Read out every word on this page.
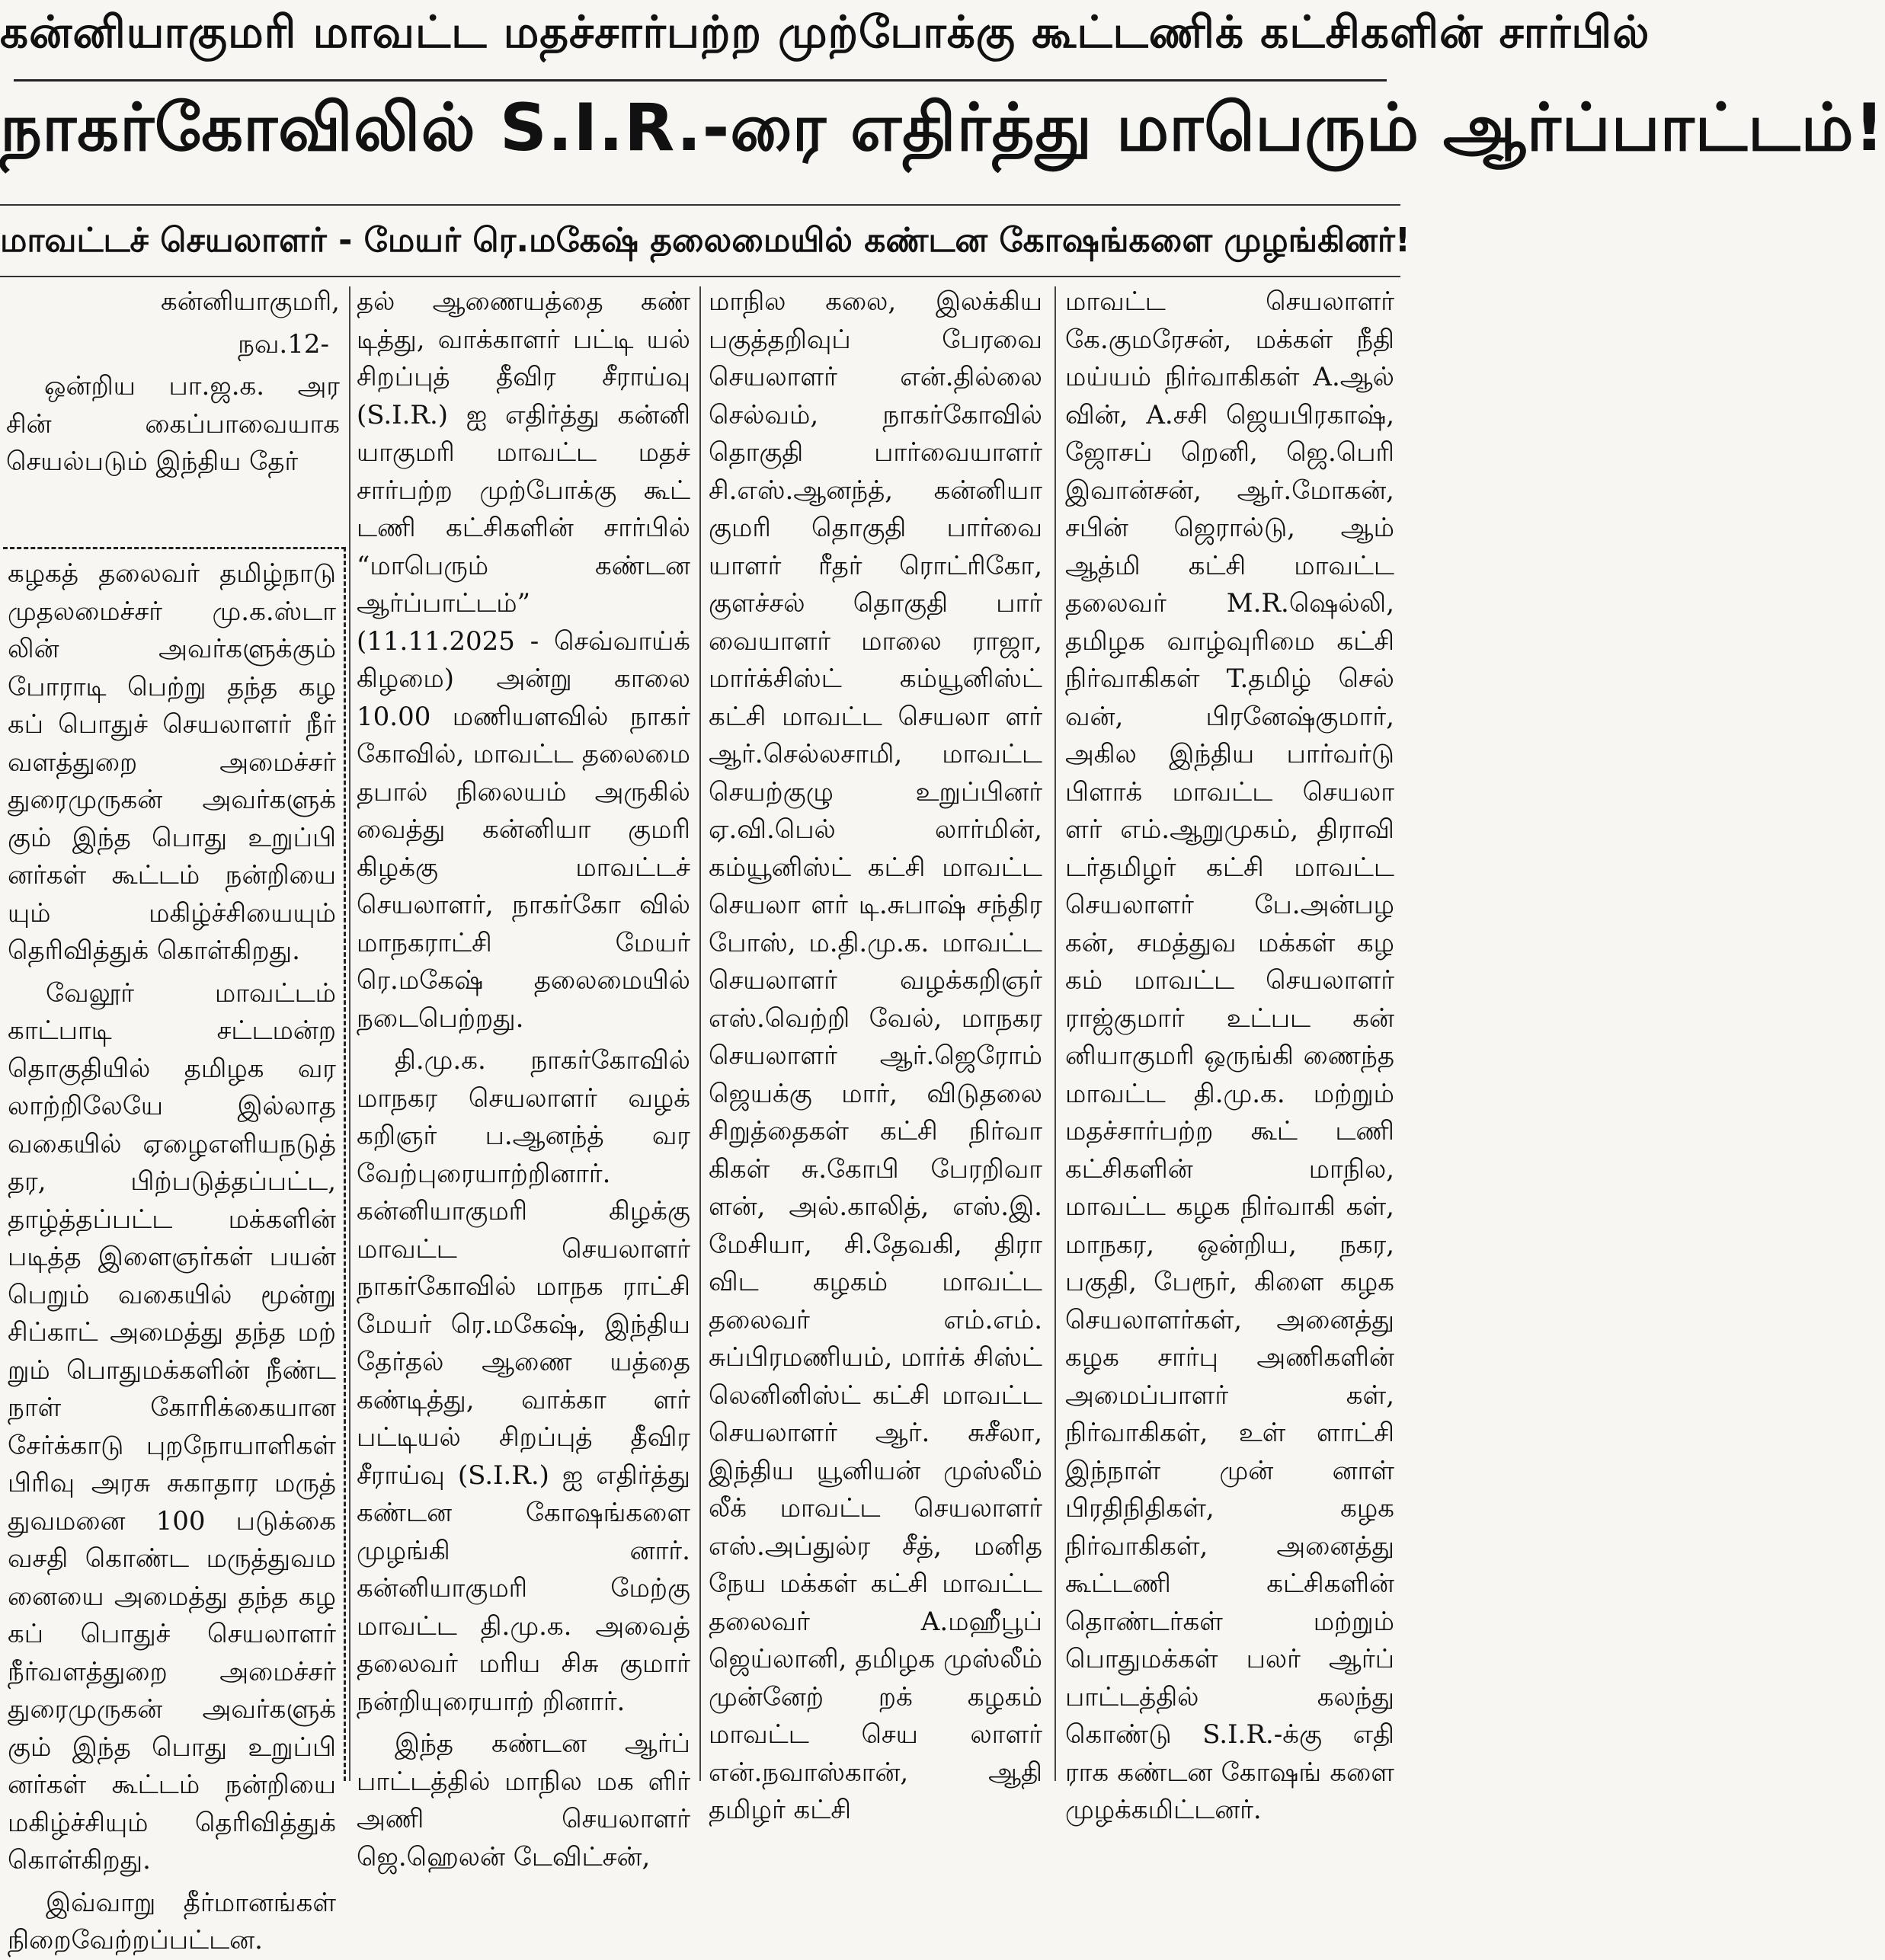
கன்னியாகுமரி மாவட்ட மதச்சார்பற்ற முற்போக்கு கூட்டணிக் கட்சிகளின் சார்பில்
நாகர்கோவிலில் S.I.R.-ரை எதிர்த்து மாபெரும் ஆர்ப்பாட்டம்!
மாவட்டச் செயலாளர் - மேயர் ரெ.மகேஷ் தலைமையில் கண்டன கோஷங்களை முழங்கினர்!

கன்னியாகுமரி,

நவ.12-

ஒன்றிய பா.ஜ.க. அர சின் கைப்பாவையாக செயல்படும் இந்திய தேர்

கழகத் தலைவர் தமிழ்நாடு முதலமைச்சர் மு.க.ஸ்டா லின் அவர்களுக்கும் போராடி பெற்று தந்த கழ கப் பொதுச் செயலாளர் நீர் வளத்துறை அமைச்சர் துரைமுருகன் அவர்களுக் கும் இந்த பொது உறுப்பி னர்கள் கூட்டம் நன்றியை யும் மகிழ்ச்சியையும் தெரிவித்துக் கொள்கிறது.

வேலூர் மாவட்டம் காட்பாடி சட்டமன்ற தொகுதியில் தமிழக வர லாற்றிலேயே இல்லாத வகையில் ஏழைஎளியநடுத் தர, பிற்படுத்தப்பட்ட, தாழ்த்தப்பட்ட மக்களின் படித்த இளைஞர்கள் பயன் பெறும் வகையில் மூன்று சிப்காட் அமைத்து தந்த மற் றும் பொதுமக்களின் நீண்ட நாள் கோரிக்கையான சேர்க்காடு புறநோயாளிகள் பிரிவு அரசு சுகாதார மருத் துவமனை 100 படுக்கை வசதி கொண்ட மருத்துவம னையை அமைத்து தந்த கழ கப் பொதுச் செயலாளர் நீர்வளத்துறை அமைச்சர் துரைமுருகன் அவர்களுக் கும் இந்த பொது உறுப்பி னர்கள் கூட்டம் நன்றியை மகிழ்ச்சியும் தெரிவித்துக் கொள்கிறது.

இவ்வாறு தீர்மானங்கள் நிறைவேற்றப்பட்டன.

தல் ஆணையத்தை கண் டித்து, வாக்காளர் பட்டி யல் சிறப்புத் தீவிர சீராய்வு (S.I.R.) ஐ எதிர்த்து கன்னி யாகுமரி மாவட்ட மதச் சார்பற்ற முற்போக்கு கூட் டணி கட்சிகளின் சார்பில் “மாபெரும் கண்டன ஆர்ப்பாட்டம்” (11.11.2025 - செவ்வாய்க் கிழமை) அன்று காலை 10.00 மணியளவில் நாகர் கோவில், மாவட்ட தலைமை தபால் நிலையம் அருகில் வைத்து கன்னியா குமரி கிழக்கு மாவட்டச் செயலாளர், நாகர்கோ வில் மாநகராட்சி மேயர் ரெ.மகேஷ் தலைமையில் நடைபெற்றது.

தி.மு.க. நாகர்கோவில் மாநகர செயலாளர் வழக் கறிஞர் ப.ஆனந்த் வர வேற்புரையாற்றினார். கன்னியாகுமரி கிழக்கு மாவட்ட செயலாளர் நாகர்கோவில் மாநக ராட்சி மேயர் ரெ.மகேஷ், இந்திய தேர்தல் ஆணை யத்தை கண்டித்து, வாக்கா ளர் பட்டியல் சிறப்புத் தீவிர சீராய்வு (S.I.R.) ஐ எதிர்த்து கண்டன கோஷங்களை முழங்கி னார். கன்னியாகுமரி மேற்கு மாவட்ட தி.மு.க. அவைத் தலைவர் மரிய சிசு குமார் நன்றியுரையாற் றினார்.

இந்த கண்டன ஆர்ப் பாட்டத்தில் மாநில மக ளிர் அணி செயலாளர் ஜெ.ஹெலன் டேவிட்சன்,

மாநில கலை, இலக்கிய பகுத்தறிவுப் பேரவை செயலாளர் என்.தில்லை செல்வம், நாகர்கோவில் தொகுதி பார்வையாளர் சி.எஸ்.ஆனந்த், கன்னியா குமரி தொகுதி பார்வை யாளர் ரீதர் ரொட்ரிகோ, குளச்சல் தொகுதி பார் வையாளர் மாலை ராஜா, மார்க்சிஸ்ட் கம்யூனிஸ்ட் கட்சி மாவட்ட செயலா ளர் ஆர்.செல்லசாமி, மாவட்ட செயற்குழு உறுப்பினர் ஏ.வி.பெல் லார்மின், கம்யூனிஸ்ட் கட்சி மாவட்ட செயலா ளர் டி.சுபாஷ் சந்திர போஸ், ம.தி.மு.க. மாவட்ட செயலாளர் வழக்கறிஞர் எஸ்.வெற்றி வேல், மாநகர செயலாளர் ஆர்.ஜெரோம் ஜெயக்கு மார், விடுதலை சிறுத்தைகள் கட்சி நிர்வா கிகள் சு.கோபி பேரறிவா ளன், அல்.காலித், எஸ்.இ. மேசியா, சி.தேவகி, திரா விட கழகம் மாவட்ட தலைவர் எம்.எம். சுப்பிரமணியம், மார்க் சிஸ்ட் லெனினிஸ்ட் கட்சி மாவட்ட செயலாளர் ஆர். சுசீலா, இந்திய யூனியன் முஸ்லீம் லீக் மாவட்ட செயலாளர் எஸ்.அப்துல்ர சீத், மனித நேய மக்கள் கட்சி மாவட்ட தலைவர் A.மஹீபூப் ஜெய்லானி, தமிழக முஸ்லீம் முன்னேற் றக் கழகம் மாவட்ட செய லாளர் என்.நவாஸ்கான், ஆதி தமிழர் கட்சி

மாவட்ட செயலாளர் கே.குமரேசன், மக்கள் நீதி மய்யம் நிர்வாகிகள் A.ஆல் வின், A.சசி ஜெயபிரகாஷ், ஜோசப் றெனி, ஜெ.பெரி இவான்சன், ஆர்.மோகன், சபின் ஜெரால்டு, ஆம் ஆத்மி கட்சி மாவட்ட தலைவர் M.R.ஷெல்லி, தமிழக வாழ்வுரிமை கட்சி நிர்வாகிகள் T.தமிழ் செல் வன், பிரனேஷ்குமார், அகில இந்திய பார்வர்டு பிளாக் மாவட்ட செயலா ளர் எம்.ஆறுமுகம், திராவி டர்தமிழர் கட்சி மாவட்ட செயலாளர் பே.அன்பழ கன், சமத்துவ மக்கள் கழ கம் மாவட்ட செயலாளர் ராஜ்குமார் உட்பட கன் னியாகுமரி ஒருங்கி ணைந்த மாவட்ட தி.மு.க. மற்றும் மதச்சார்பற்ற கூட் டணி கட்சிகளின் மாநில, மாவட்ட கழக நிர்வாகி கள், மாநகர, ஒன்றிய, நகர, பகுதி, பேரூர், கிளை கழக செயலாளர்கள், அனைத்து கழக சார்பு அணிகளின் அமைப்பாளர் கள், நிர்வாகிகள், உள் ளாட்சி இந்நாள் முன் னாள் பிரதிநிதிகள், கழக நிர்வாகிகள், அனைத்து கூட்டணி கட்சிகளின் தொண்டர்கள் மற்றும் பொதுமக்கள் பலர் ஆர்ப் பாட்டத்தில் கலந்து கொண்டு S.I.R.-க்கு எதி ராக கண்டன கோஷங் களை முழக்கமிட்டனர்.
